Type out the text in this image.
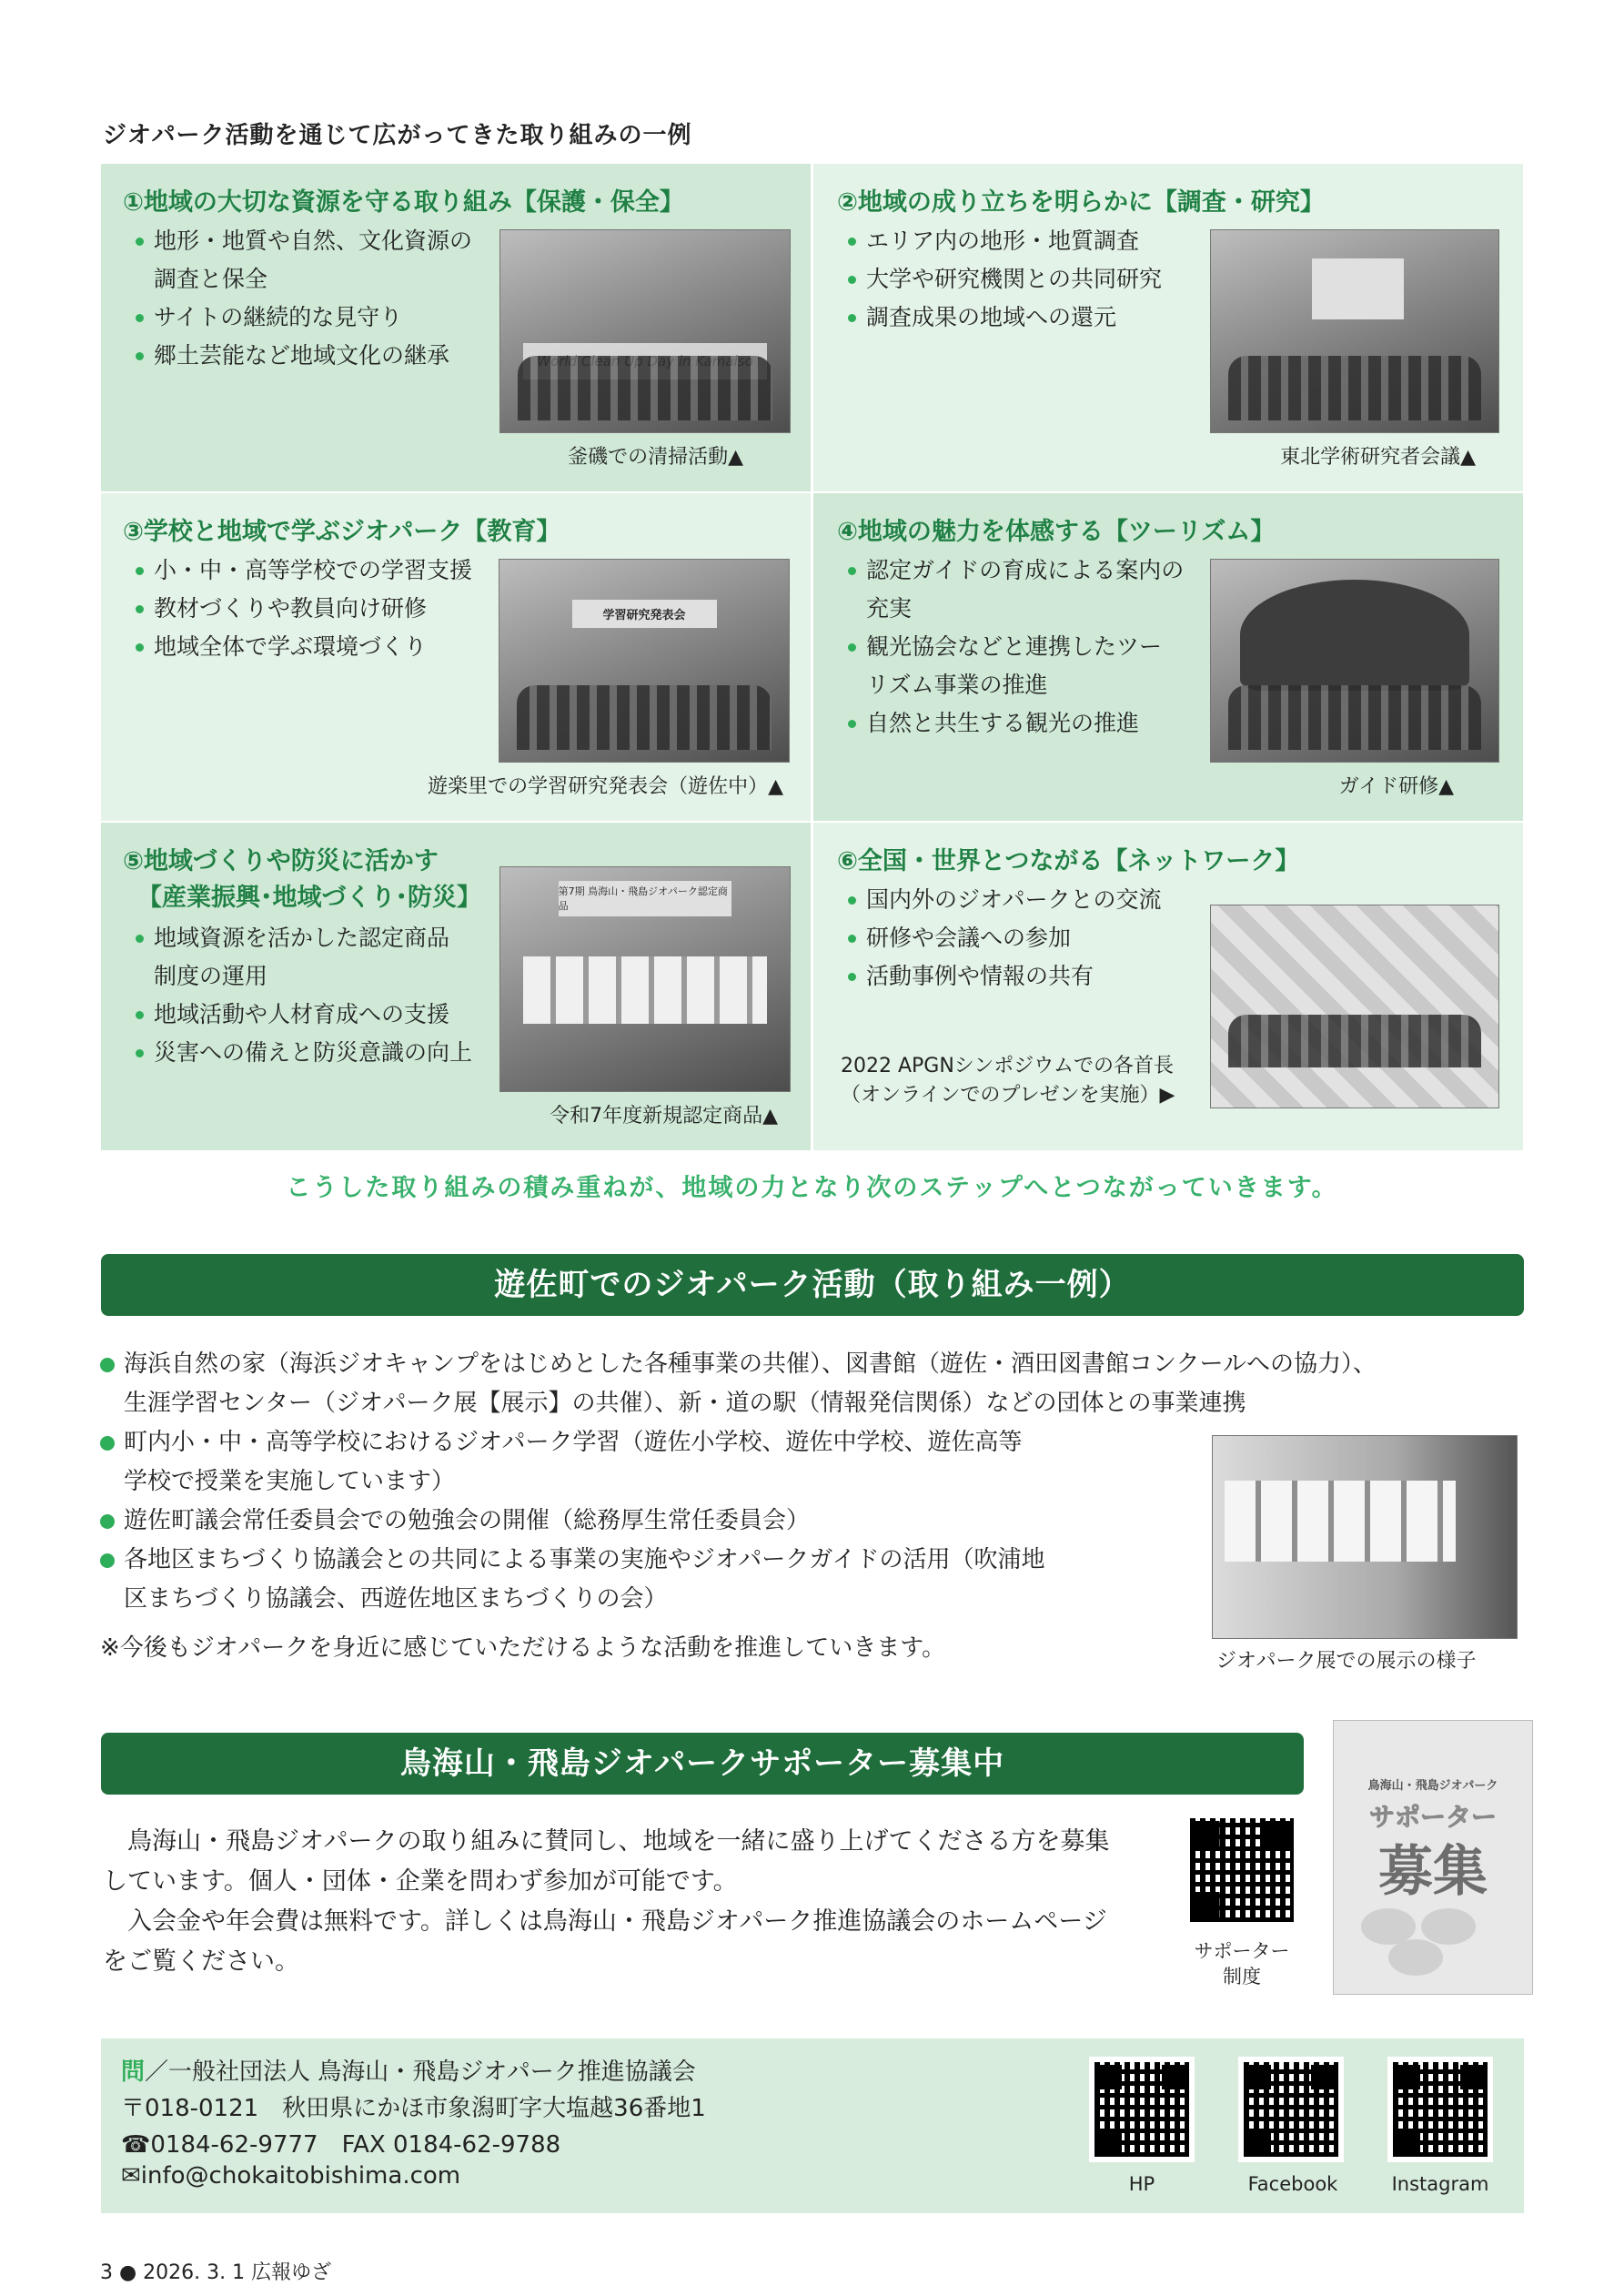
ジオパーク活動を通じて広がってきた取り組みの一例
①地域の大切な資源を守る取り組み【保護・保全】
地形・地質や自然、文化資源の
調査と保全
サイトの継続的な見守り
郷土芸能など地域文化の継承
釜磯での清掃活動▲
②地域の成り立ちを明らかに【調査・研究】
エリア内の地形・地質調査
大学や研究機関との共同研究
調査成果の地域への還元
東北学術研究者会議▲
③学校と地域で学ぶジオパーク【教育】
小・中・高等学校での学習支援
教材づくりや教員向け研修
地域全体で学ぶ環境づくり
学習研究発表会
遊楽里での学習研究発表会（遊佐中）▲
④地域の魅力を体感する【ツーリズム】
認定ガイドの育成による案内の
充実
観光協会などと連携したツー
リズム事業の推進
自然と共生する観光の推進
ガイド研修▲
⑤地域づくりや防災に活かす
【産業振興･地域づくり･防災】
地域資源を活かした認定商品
制度の運用
地域活動や人材育成への支援
災害への備えと防災意識の向上
第7期 鳥海山・飛島ジオパーク認定商品
令和7年度新規認定商品▲
⑥全国・世界とつながる【ネットワーク】
国内外のジオパークとの交流
研修や会議への参加
活動事例や情報の共有
2022 APGNシンポジウムでの各首長
（オンラインでのプレゼンを実施）▶
こうした取り組みの積み重ねが、地域の力となり次のステップへとつながっていきます。
遊佐町でのジオパーク活動（取り組み一例）
海浜自然の家（海浜ジオキャンプをはじめとした各種事業の共催）、図書館（遊佐・酒田図書館コンクールへの協力）、
生涯学習センター（ジオパーク展【展示】の共催）、新・道の駅（情報発信関係）などの団体との事業連携
町内小・中・高等学校におけるジオパーク学習（遊佐小学校、遊佐中学校、遊佐高等
学校で授業を実施しています）
遊佐町議会常任委員会での勉強会の開催（総務厚生常任委員会）
各地区まちづくり協議会との共同による事業の実施やジオパークガイドの活用（吹浦地
区まちづくり協議会、西遊佐地区まちづくりの会）
※今後もジオパークを身近に感じていただけるような活動を推進していきます。	ジオパーク展での展示の様子
鳥海山・飛島ジオパークサポーター募集中

鳥海山・飛島ジオパークの取り組みに賛同し、地域を一緒に盛り上げてくださる方を募集しています。個人・団体・企業を問わず参加が可能です。

入会金や年会費は無料です。詳しくは鳥海山・飛島ジオパーク推進協議会のホームページをご覧ください。	サポーター
制度
鳥海山・飛島ジオパーク
サポーター
募集
問／一般社団法人 鳥海山・飛島ジオパーク推進協議会
〒018-0121　秋田県にかほ市象潟町字大塩越36番地1
☎0184-62-9777　FAX 0184-62-9788
✉info@chokaitobishima.com	HP	Facebook	Instagram
3 ● 2026. 3. 1 広報ゆざ
